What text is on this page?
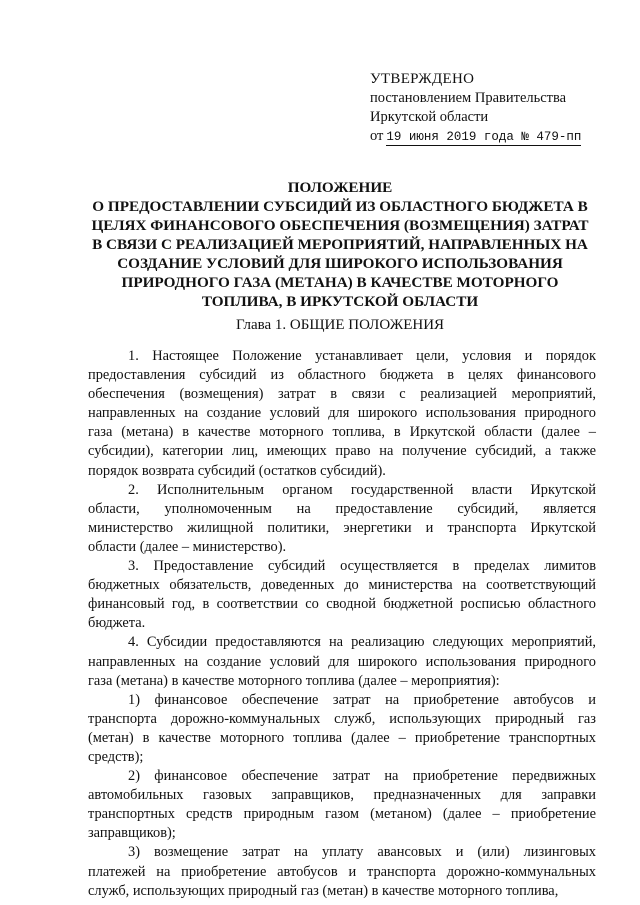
УТВЕРЖДЕНО
постановлением Правительства
Иркутской области
от 19 июня 2019 года № 479-пп
ПОЛОЖЕНИЕ
О ПРЕДОСТАВЛЕНИИ СУБСИДИЙ ИЗ ОБЛАСТНОГО БЮДЖЕТА В
ЦЕЛЯХ ФИНАНСОВОГО ОБЕСПЕЧЕНИЯ (ВОЗМЕЩЕНИЯ) ЗАТРАТ
В СВЯЗИ С РЕАЛИЗАЦИЕЙ МЕРОПРИЯТИЙ, НАПРАВЛЕННЫХ НА
СОЗДАНИЕ УСЛОВИЙ ДЛЯ ШИРОКОГО ИСПОЛЬЗОВАНИЯ
ПРИРОДНОГО ГАЗА (МЕТАНА) В КАЧЕСТВЕ МОТОРНОГО
ТОПЛИВА, В ИРКУТСКОЙ ОБЛАСТИ
Глава 1. ОБЩИЕ ПОЛОЖЕНИЯ

1. Настоящее Положение устанавливает цели, условия и порядок
предоставления субсидий из областного бюджета в целях финансового
обеспечения (возмещения) затрат в связи с реализацией мероприятий,
направленных на создание условий для широкого использования природного
газа (метана) в качестве моторного топлива, в Иркутской области (далее –
субсидии), категории лиц, имеющих право на получение субсидий, а также
порядок возврата субсидий (остатков субсидий).

2. Исполнительным органом государственной власти Иркутской
области, уполномоченным на предоставление субсидий, является
министерство жилищной политики, энергетики и транспорта Иркутской
области (далее – министерство).

3. Предоставление субсидий осуществляется в пределах лимитов
бюджетных обязательств, доведенных до министерства на соответствующий
финансовый год, в соответствии со сводной бюджетной росписью областного
бюджета.

4. Субсидии предоставляются на реализацию следующих мероприятий,
направленных на создание условий для широкого использования природного
газа (метана) в качестве моторного топлива (далее – мероприятия):

1) финансовое обеспечение затрат на приобретение автобусов и
транспорта дорожно-коммунальных служб, использующих природный газ
(метан) в качестве моторного топлива (далее – приобретение транспортных
средств);

2) финансовое обеспечение затрат на приобретение передвижных
автомобильных газовых заправщиков, предназначенных для заправки
транспортных средств природным газом (метаном) (далее – приобретение
заправщиков);

3) возмещение затрат на уплату авансовых и (или) лизинговых
платежей на приобретение автобусов и транспорта дорожно-коммунальных
служб, использующих природный газ (метан) в качестве моторного топлива,
